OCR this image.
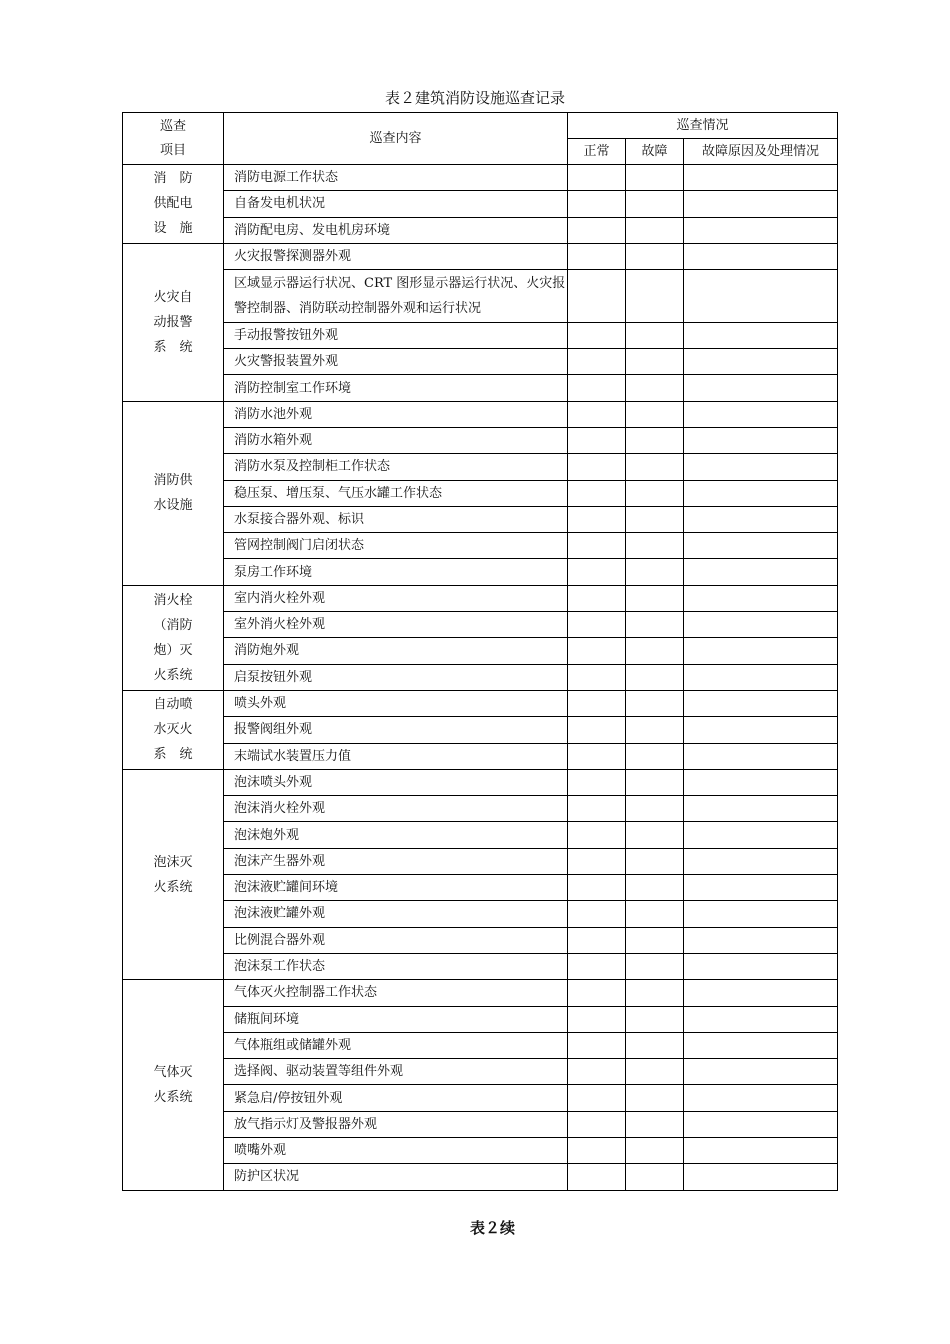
表２建筑消防设施巡查记录
巡查
项目	巡查内容	巡查情况		
		正常	故障	故障原因及处理情况

消　防
供配电
设　施	消防电源工作状态			
	自备发电机状况			
	消防配电房、发电机房环境			

火灾自
动报警
系　统	火灾报警探测器外观			
	区域显示器运行状况、CRT 图形显示器运行状况、火灾报警控制器、消防联动控制器外观和运行状况			
	手动报警按钮外观			
	火灾警报装置外观			
	消防控制室工作环境			

消防供
水设施	消防水池外观			
	消防水箱外观			
	消防水泵及控制柜工作状态			
	稳压泵、增压泵、气压水罐工作状态			
	水泵接合器外观、标识			
	管网控制阀门启闭状态			
	泵房工作环境			

消火栓
（消防
炮）灭
火系统	室内消火栓外观			
	室外消火栓外观			
	消防炮外观			
	启泵按钮外观			

自动喷
水灭火
系　统	喷头外观			
	报警阀组外观			
	末端试水装置压力值			

泡沫灭
火系统	泡沫喷头外观			
	泡沫消火栓外观			
	泡沫炮外观			
	泡沫产生器外观			
	泡沫液贮罐间环境			
	泡沫液贮罐外观			
	比例混合器外观			
	泡沫泵工作状态			

气体灭
火系统	气体灭火控制器工作状态			
	储瓶间环境			
	气体瓶组或储罐外观			
	选择阀、驱动装置等组件外观			
	紧急启/停按钮外观			
	放气指示灯及警报器外观			
	喷嘴外观			
	防护区状况			
表２续
